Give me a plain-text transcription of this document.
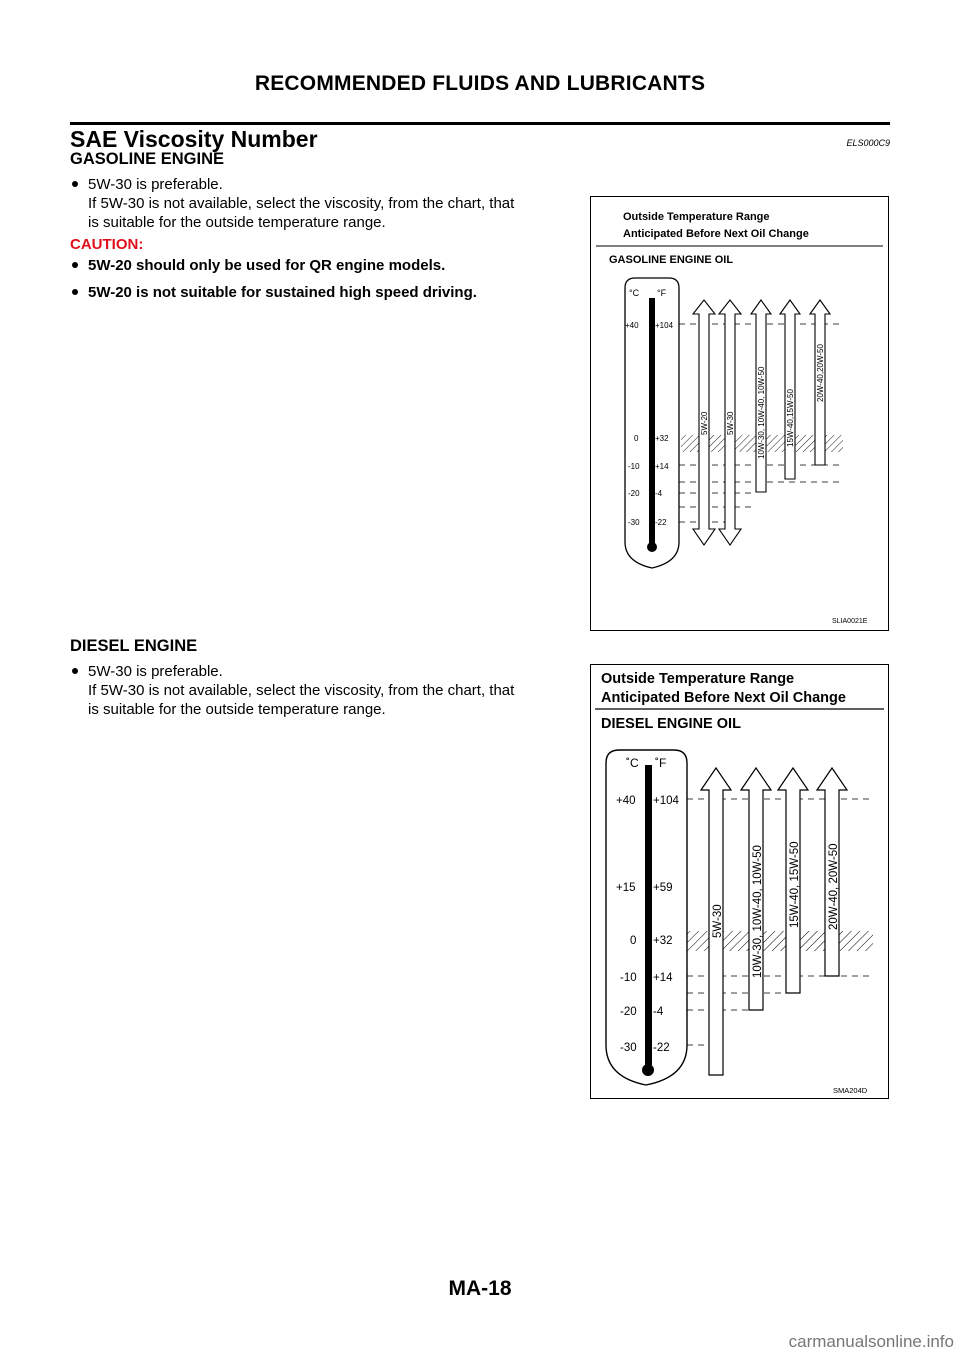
RECOMMENDED FLUIDS AND LUBRICANTS
SAE Viscosity Number	ELS000C9
GASOLINE ENGINE
5W-30 is preferable.
If 5W-30 is not available, select the viscosity, from the chart, that
is suitable for the outside temperature range.
CAUTION:
5W-20 should only be used for QR engine models.
5W-20 is not suitable for sustained high speed driving.
Outside Temperature Range
Anticipated Before Next Oil Change
GASOLINE ENGINE OIL
°C °F
+40 +104
0 +32
-10 +14
-20 -4
-30 -22
5W-20 5W-30	10W-30, 10W-40, 10W-50	15W-40,15W-50
20W-40,20W-50
SLIA0021E
DIESEL ENGINE
5W-30 is preferable.
If 5W-30 is not available, select the viscosity, from the chart, that
is suitable for the outside temperature range.
Outside Temperature Range
Anticipated Before Next Oil Change
DIESEL ENGINE OIL
˚C ˚F
+40 +104
+15 +59
0 +32
-10 +14
-20 -4
-30 -22
5W-30 10W-30, 10W-40, 10W-50 15W-40, 15W-50 20W-40, 20W-50
SMA204D
MA-18
carmanualsonline.info
